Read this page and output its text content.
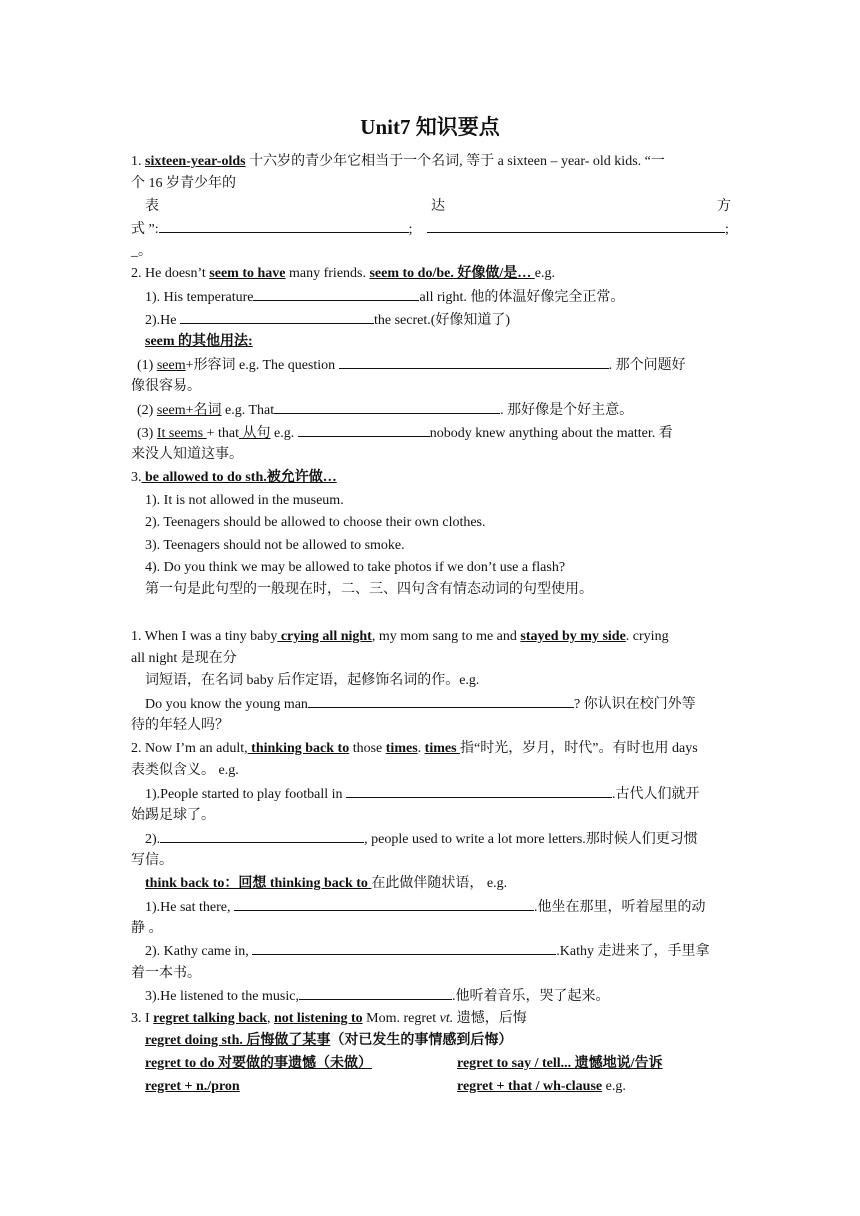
Unit7 知识要点
1. sixteen-year-olds 十六岁的青少年它相当于一个名词, 等于 a sixteen – year- old kids. “一
个 16 岁青少年的
表	达	方
式 ”:	;	;
_。
2. He doesn’t seem to have many friends. seem to do/be. 好像做/是… e.g.
1). His temperature	all right. 他的体温好像完全正常。
2).He	the secret.(好像知道了)
seem 的其他用法:
(1) seem+形容词 e.g. The question	. 那个问题好
像很容易。
(2) seem+名词 e.g. That	. 那好像是个好主意。
(3) It seems + that 从句 e.g.	nobody knew anything about the matter. 看
来没人知道这事。
3. be allowed to do sth.被允许做…
1). It is not allowed in the museum.
2). Teenagers should be allowed to choose their own clothes.
3). Teenagers should not be allowed to smoke.
4). Do you think we may be allowed to take photos if we don’t use a flash?
第一句是此句型的一般现在时，二、三、四句含有情态动词的句型使用。
1. When I was a tiny baby crying all night, my mom sang to me and stayed by my side. crying
all night 是现在分
词短语，在名词 baby 后作定语，起修饰名词的作。e.g.
Do you know the young man	? 你认识在校门外等
待的年轻人吗？
2. Now I’m an adult, thinking back to those times. times 指“时光，岁月，时代”。有时也用 days
表类似含义。 e.g.
1).People started to play football in	.古代人们就开
始踢足球了。
2).	, people used to write a lot more letters.那时候人们更习惯
写信。
think back to：回想 thinking back to 在此做伴随状语， e.g.
1).He sat there,	.他坐在那里，听着屋里的动
静 。
2). Kathy came in,	.Kathy 走进来了，手里拿
着一本书。
3).He listened to the music,	.他听着音乐，哭了起来。
3. I regret talking back, not listening to Mom. regret vt. 遗憾，后悔
regret doing sth. 后悔做了某事（对已发生的事情感到后悔）
regret to do 对要做的事遗憾（未做）	regret to say / tell... 遗憾地说/告诉
regret + n./pron	regret + that / wh-clause e.g.
